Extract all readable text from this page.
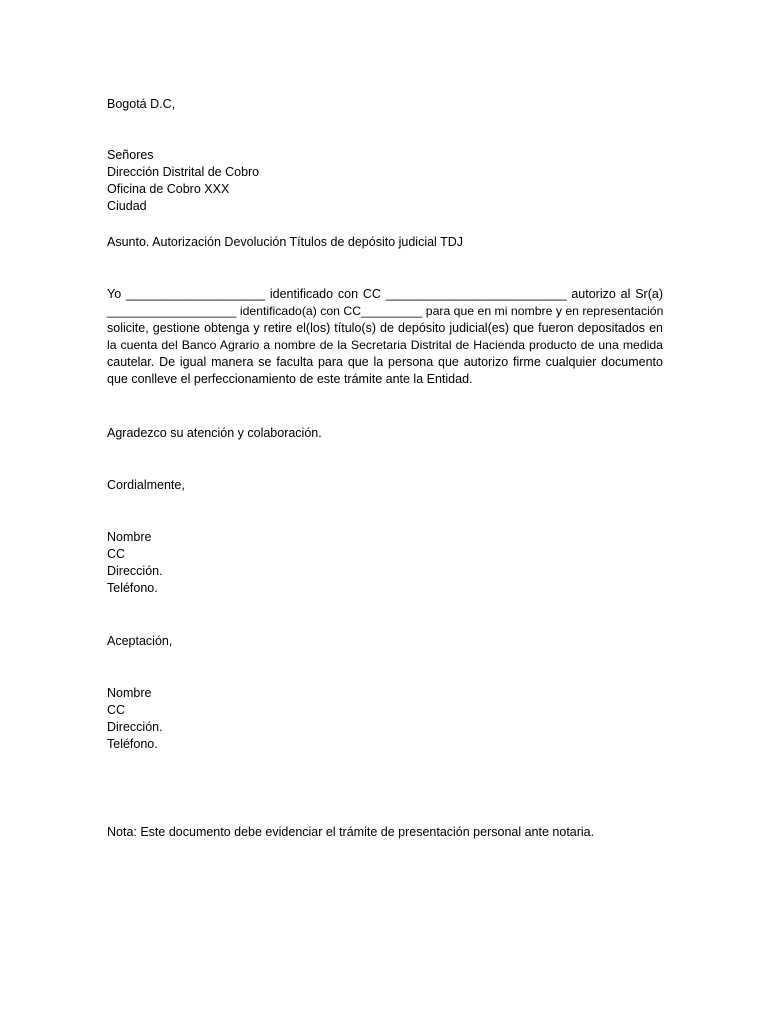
Bogotá D.C,
Señores
Dirección Distrital de Cobro
Oficina de Cobro XXX
Ciudad
Asunto. Autorización Devolución Títulos de depósito judicial TDJ
Yo ____________________ identificado con CC __________________________ autorizo al Sr(a)
___________________ identificado(a) con CC_________ para que en mi nombre y en representación
solicite, gestione obtenga y retire el(los) título(s) de depósito judicial(es) que fueron depositados en
la cuenta del Banco Agrario a nombre de la Secretaria Distrital de Hacienda producto de una medida
cautelar. De igual manera se faculta para que la persona que autorizo firme cualquier documento
que conlleve el perfeccionamiento de este trámite ante la Entidad.
Agradezco su atención y colaboración.
Cordialmente,
Nombre
CC
Dirección.
Teléfono.
Aceptación,
Nombre
CC
Dirección.
Teléfono.
Nota: Este documento debe evidenciar el trámite de presentación personal ante notaria.
